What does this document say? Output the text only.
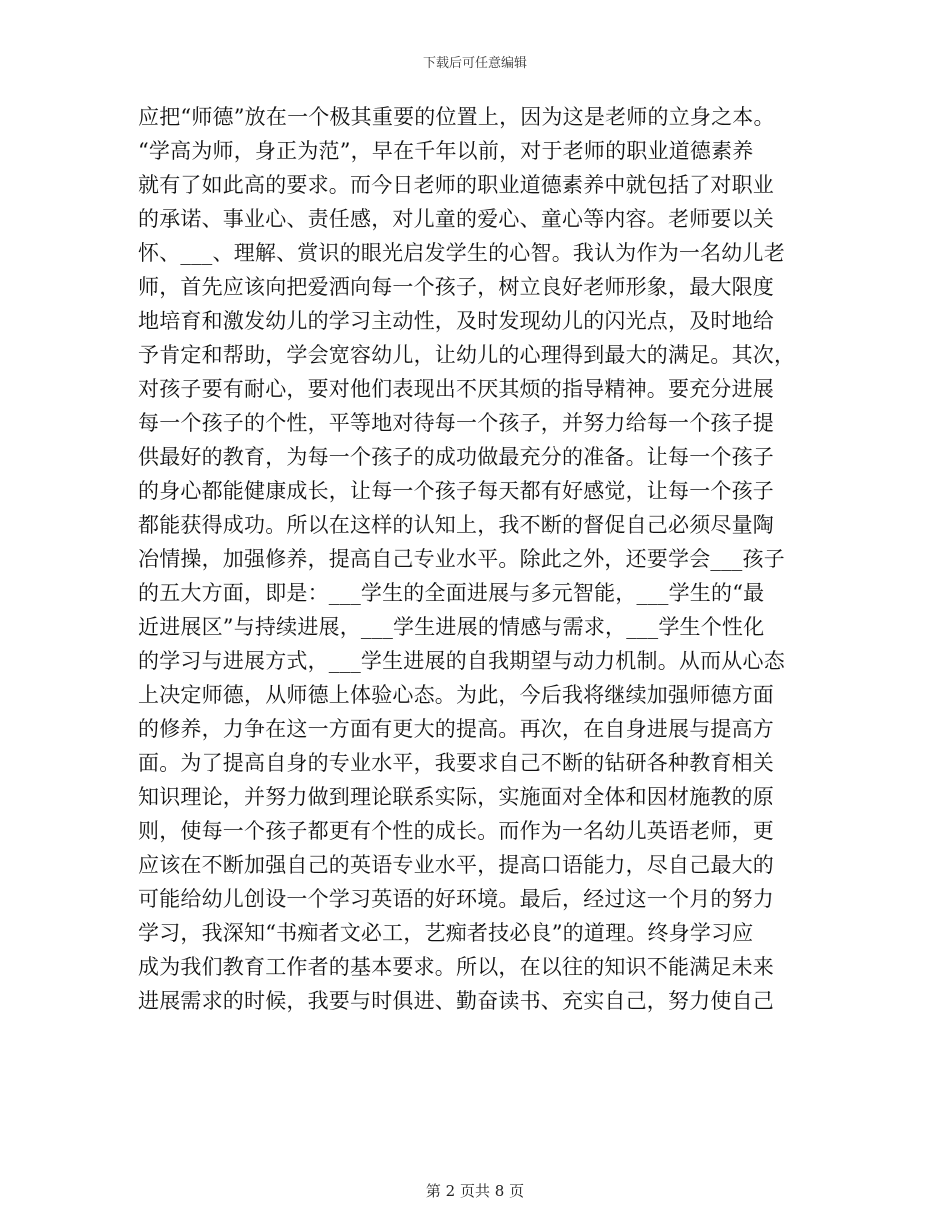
下载后可任意编辑
应把“师德”放在一个极其重要的位置上，因为这是老师的立身之本。
“学高为师，身正为范”，早在千年以前，对于老师的职业道德素养
就有了如此高的要求。而今日老师的职业道德素养中就包括了对职业
的承诺、事业心、责任感，对儿童的爱心、童心等内容。老师要以关
怀、___、理解、赏识的眼光启发学生的心智。我认为作为一名幼儿老
师，首先应该向把爱洒向每一个孩子，树立良好老师形象，最大限度
地培育和激发幼儿的学习主动性，及时发现幼儿的闪光点，及时地给
予肯定和帮助，学会宽容幼儿，让幼儿的心理得到最大的满足。其次，
对孩子要有耐心，要对他们表现出不厌其烦的指导精神。要充分进展
每一个孩子的个性，平等地对待每一个孩子，并努力给每一个孩子提
供最好的教育，为每一个孩子的成功做最充分的准备。让每一个孩子
的身心都能健康成长，让每一个孩子每天都有好感觉，让每一个孩子
都能获得成功。所以在这样的认知上，我不断的督促自己必须尽量陶
冶情操，加强修养，提高自己专业水平。除此之外，还要学会___孩子
的五大方面，即是：___学生的全面进展与多元智能，___学生的“最
近进展区”与持续进展，___学生进展的情感与需求，___学生个性化
的学习与进展方式，___学生进展的自我期望与动力机制。从而从心态
上决定师德，从师德上体验心态。为此，今后我将继续加强师德方面
的修养，力争在这一方面有更大的提高。再次，在自身进展与提高方
面。为了提高自身的专业水平，我要求自己不断的钻研各种教育相关
知识理论，并努力做到理论联系实际，实施面对全体和因材施教的原
则，使每一个孩子都更有个性的成长。而作为一名幼儿英语老师，更
应该在不断加强自己的英语专业水平，提高口语能力，尽自己最大的
可能给幼儿创设一个学习英语的好环境。最后，经过这一个月的努力
学习，我深知“书痴者文必工，艺痴者技必良”的道理。终身学习应
成为我们教育工作者的基本要求。所以，在以往的知识不能满足未来
进展需求的时候，我要与时俱进、勤奋读书、充实自己，努力使自己
第 2 页共 8 页
